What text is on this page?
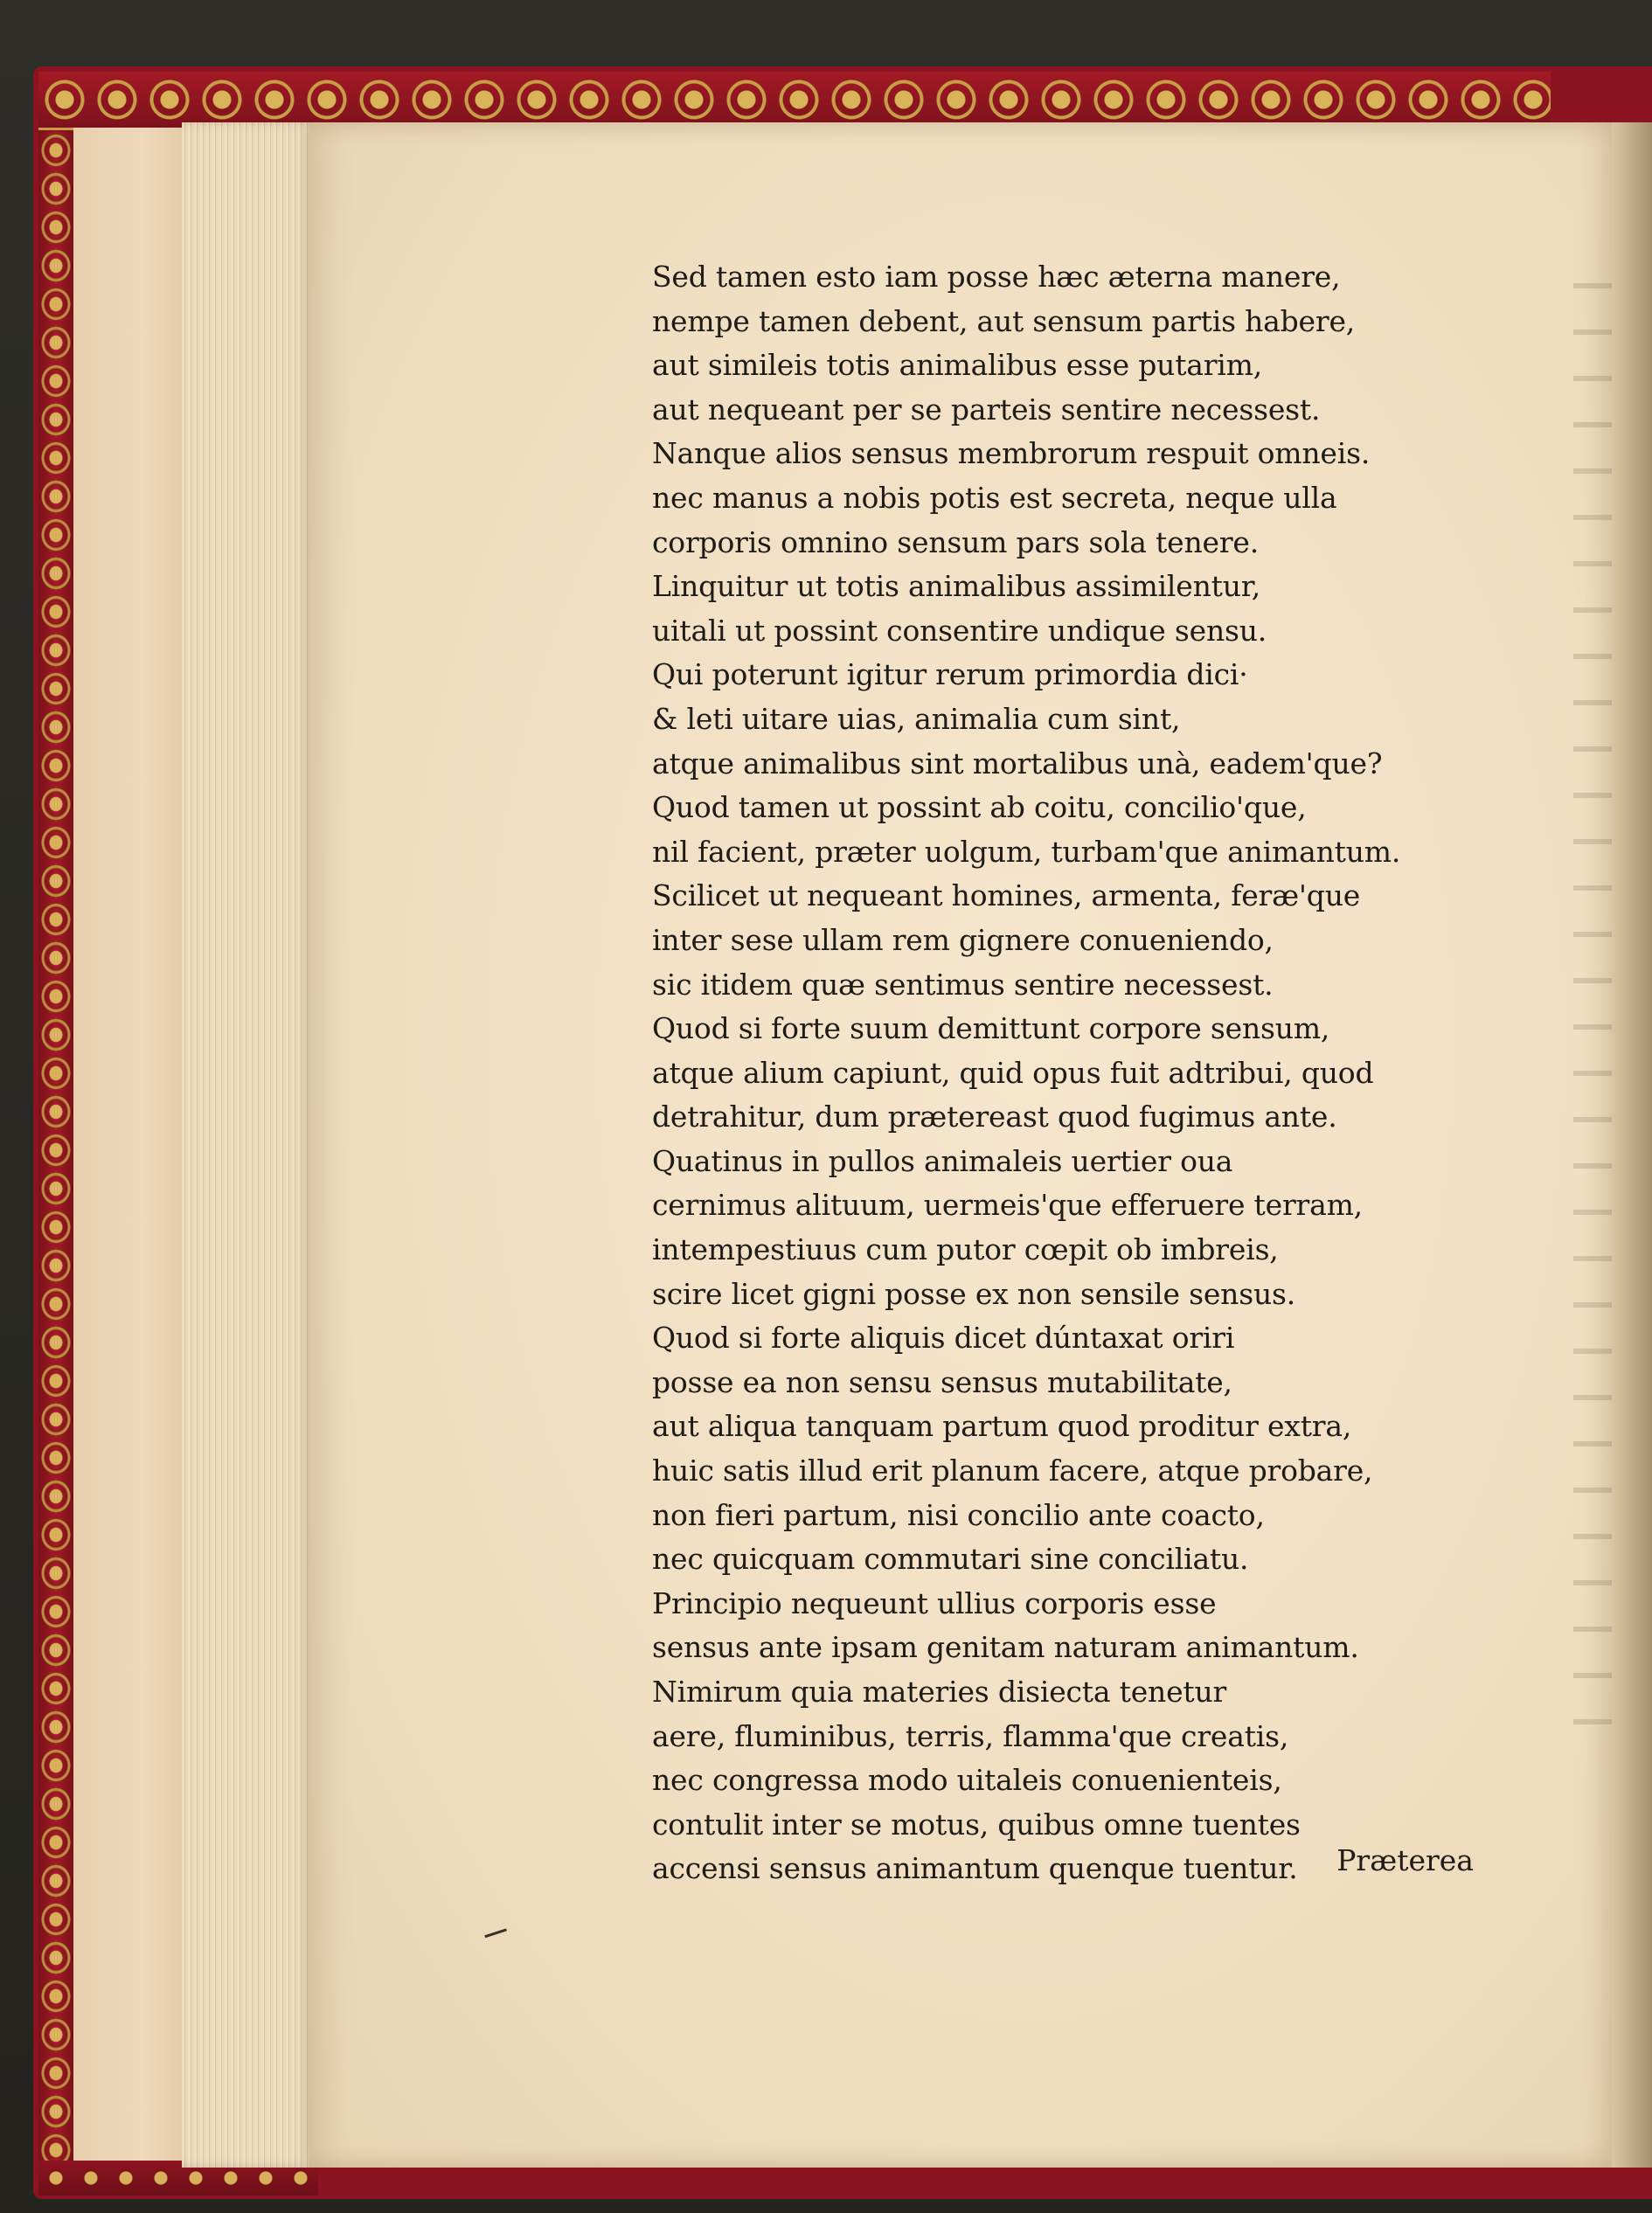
Sed tamen esto iam posse hæc æterna manere,
nempe tamen debent, aut sensum partis habere,
aut simileis totis animalibus esse putarim,
aut nequeant per se parteis sentire necessest.
Nanque alios sensus membrorum respuit omneis.
nec manus a nobis potis est secreta, neque ulla
corporis omnino sensum pars sola tenere.
Linquitur ut totis animalibus assimilentur,
uitali ut possint consentire undique sensu.
Qui poterunt igitur rerum primordia dici·
& leti uitare uias, animalia cum sint,
atque animalibus sint mortalibus unà, eadem'que?
Quod tamen ut possint ab coitu, concilio'que,
nil facient, præter uolgum, turbam'que animantum.
Scilicet ut nequeant homines, armenta, feræ'que
inter sese ullam rem gignere conueniendo,
sic itidem quæ sentimus sentire necessest.
Quod si forte suum demittunt corpore sensum,
atque alium capiunt, quid opus fuit adtribui, quod
detrahitur, dum prætereast quod fugimus ante.
Quatinus in pullos animaleis uertier oua
cernimus alituum, uermeis'que efferuere terram,
intempestiuus cum putor cœpit ob imbreis,
scire licet gigni posse ex non sensile sensus.
Quod si forte aliquis dicet dúntaxat oriri
posse ea non sensu sensus mutabilitate,
aut aliqua tanquam partum quod proditur extra,
huic satis illud erit planum facere, atque probare,
non fieri partum, nisi concilio ante coacto,
nec quicquam commutari sine conciliatu.
Principio nequeunt ullius corporis esse
sensus ante ipsam genitam naturam animantum.
Nimirum quia materies disiecta tenetur
aere, fluminibus, terris, flamma'que creatis,
nec congressa modo uitaleis conuenienteis,
contulit inter se motus, quibus omne tuentes
accensi sensus animantum quenque tuentur.	Præterea
